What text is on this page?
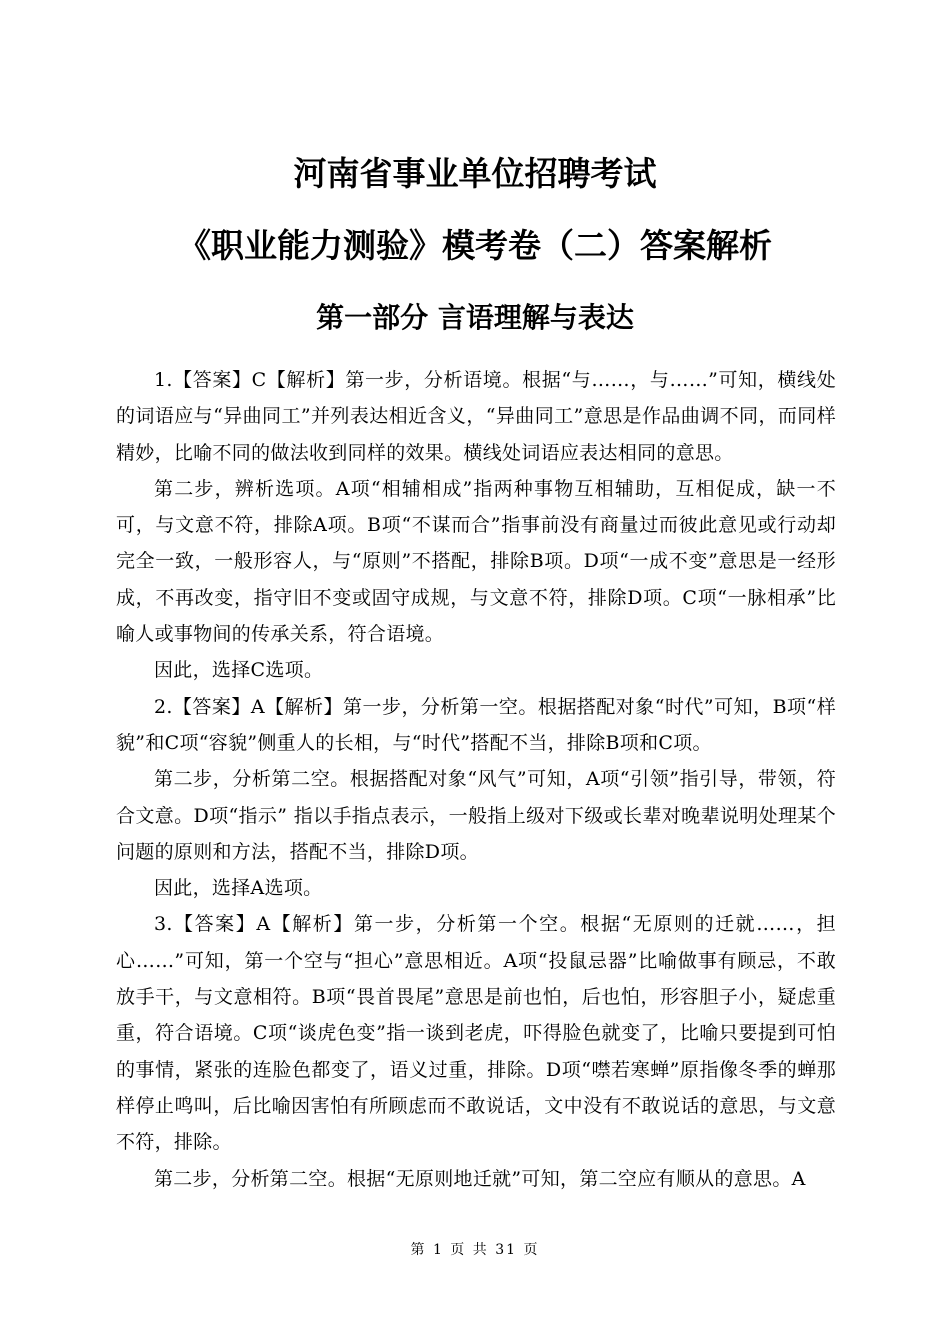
河南省事业单位招聘考试
《职业能力测验》模考卷（二）答案解析
第一部分 言语理解与表达

1.【答案】C【解析】第一步，分析语境。根据“与……，与……”可知，横线处的词语应与“异曲同工”并列表达相近含义，“异曲同工”意思是作品曲调不同，而同样精妙，比喻不同的做法收到同样的效果。横线处词语应表达相同的意思。

第二步，辨析选项。A项“相辅相成”指两种事物互相辅助，互相促成，缺一不可，与文意不符，排除A项。B项“不谋而合”指事前没有商量过而彼此意见或行动却完全一致，一般形容人，与“原则”不搭配，排除B项。D项“一成不变”意思是一经形成，不再改变，指守旧不变或固守成规，与文意不符，排除D项。C项“一脉相承”比喻人或事物间的传承关系，符合语境。

因此，选择C选项。

2.【答案】A【解析】第一步，分析第一空。根据搭配对象“时代”可知，B项“样貌”和C项“容貌”侧重人的长相，与“时代”搭配不当，排除B项和C项。

第二步，分析第二空。根据搭配对象“风气”可知，A项“引领”指引导，带领，符合文意。D项“指示” 指以手指点表示，一般指上级对下级或长辈对晚辈说明处理某个问题的原则和方法，搭配不当，排除D项。

因此，选择A选项。

3.【答案】A【解析】第一步，分析第一个空。根据“无原则的迁就……，担心……”可知，第一个空与“担心”意思相近。A项“投鼠忌器”比喻做事有顾忌，不敢放手干，与文意相符。B项“畏首畏尾”意思是前也怕，后也怕，形容胆子小，疑虑重重，符合语境。C项“谈虎色变”指一谈到老虎，吓得脸色就变了，比喻只要提到可怕的事情，紧张的连脸色都变了，语义过重，排除。D项“噤若寒蝉”原指像冬季的蝉那样停止鸣叫，后比喻因害怕有所顾虑而不敢说话，文中没有不敢说话的意思，与文意不符，排除。

第二步，分析第二空。根据“无原则地迁就”可知，第二空应有顺从的意思。A

第 1 页 共 31 页
